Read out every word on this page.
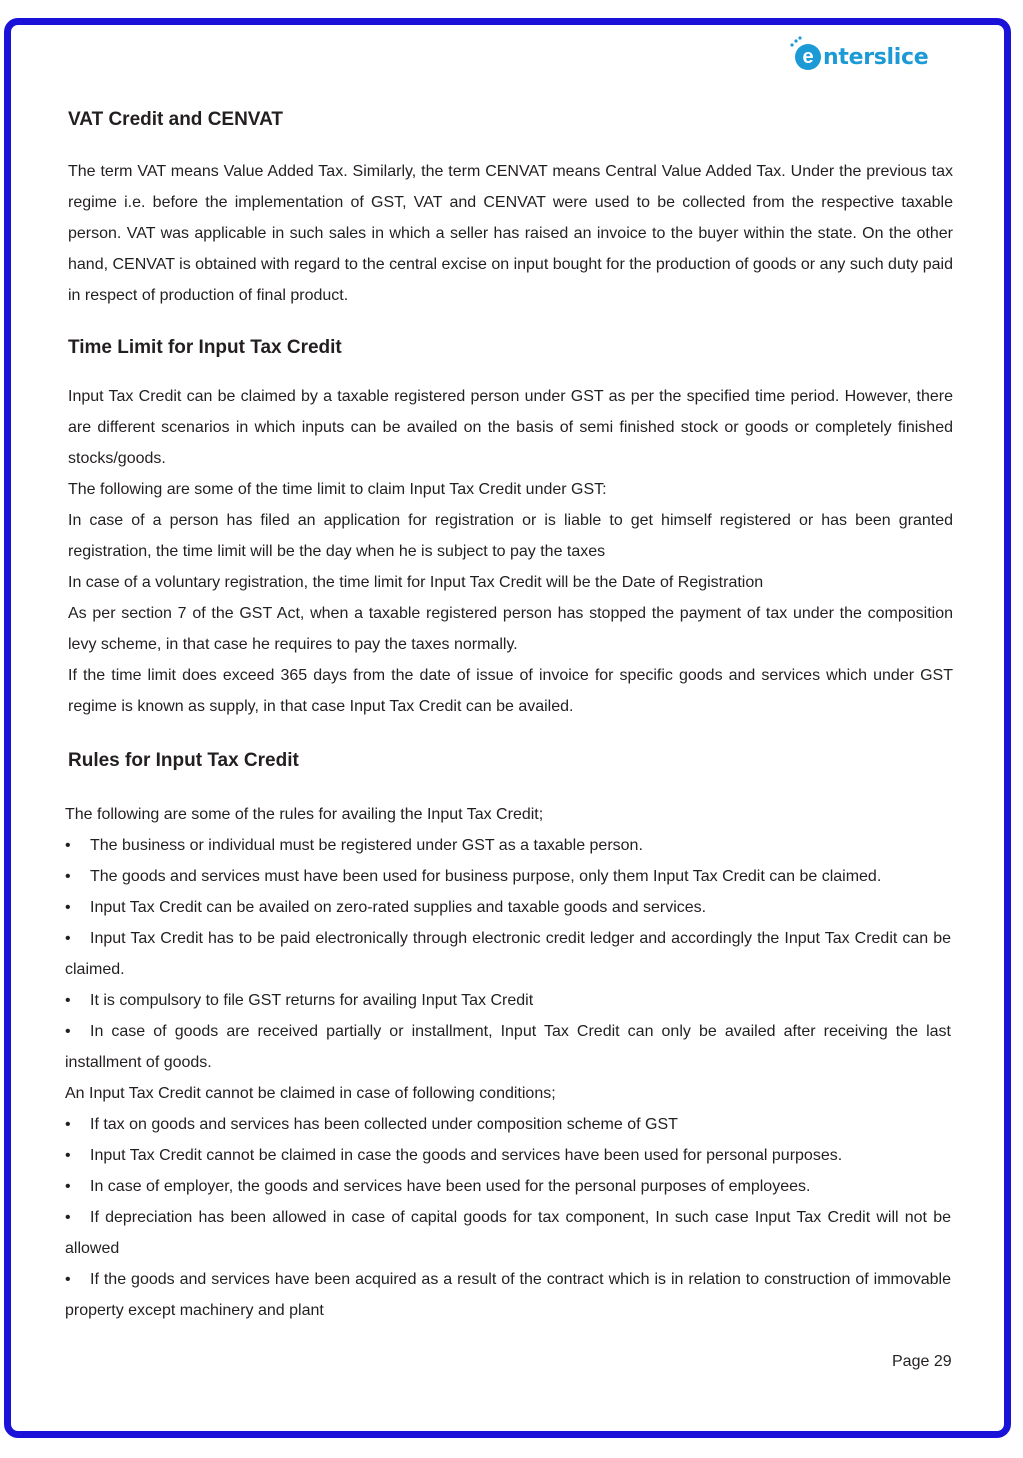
e nterslice
VAT Credit and CENVAT

The term VAT means Value Added Tax. Similarly, the term CENVAT means Central Value Added Tax. Under the previous tax regime i.e. before the implementation of GST, VAT and CENVAT were used to be collected from the respective taxable person. VAT was applicable in such sales in which a seller has raised an invoice to the buyer within the state. On the other hand, CENVAT is obtained with regard to the central excise on input bought for the production of goods or any such duty paid in respect of production of final product.

Time Limit for Input Tax Credit
Input Tax Credit can be claimed by a taxable registered person under GST as per the specified time period. However, there are different scenarios in which inputs can be availed on the basis of semi finished stock or goods or completely finished stocks/goods.
The following are some of the time limit to claim Input Tax Credit under GST:
In case of a person has filed an application for registration or is liable to get himself registered or has been granted registration, the time limit will be the day when he is subject to pay the taxes
In case of a voluntary registration, the time limit for Input Tax Credit will be the Date of Registration
As per section 7 of the GST Act, when a taxable registered person has stopped the payment of tax under the composition levy scheme, in that case he requires to pay the taxes normally.
If the time limit does exceed 365 days from the date of issue of invoice for specific goods and services which under GST regime is known as supply, in that case Input Tax Credit can be availed.
Rules for Input Tax Credit
The following are some of the rules for availing the Input Tax Credit;
• The business or individual must be registered under GST as a taxable person.
• The goods and services must have been used for business purpose, only them Input Tax Credit can be claimed.
• Input Tax Credit can be availed on zero-rated supplies and taxable goods and services.
• Input Tax Credit has to be paid electronically through electronic credit ledger and accordingly the Input Tax Credit can be claimed.
• It is compulsory to file GST returns for availing Input Tax Credit
• In case of goods are received partially or installment, Input Tax Credit can only be availed after receiving the last installment of goods.
An Input Tax Credit cannot be claimed in case of following conditions;
• If tax on goods and services has been collected under composition scheme of GST
• Input Tax Credit cannot be claimed in case the goods and services have been used for personal purposes.
• In case of employer, the goods and services have been used for the personal purposes of employees.
• If depreciation has been allowed in case of capital goods for tax component, In such case Input Tax Credit will not be allowed
• If the goods and services have been acquired as a result of the contract which is in relation to construction of immovable property except machinery and plant

Page 29
